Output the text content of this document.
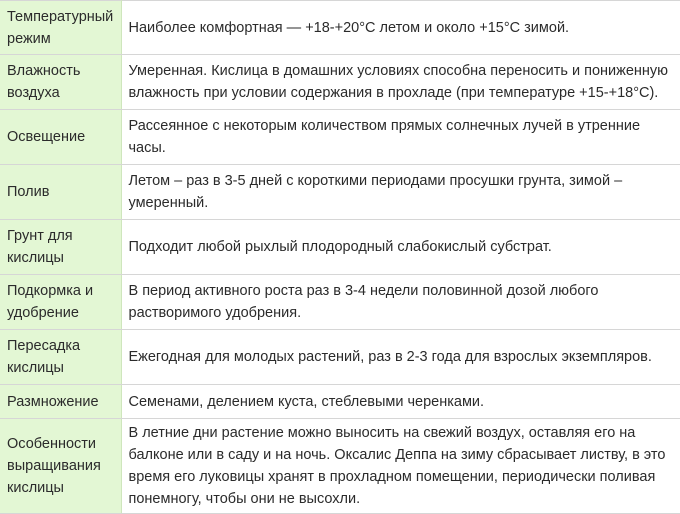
Температурный режим	Наиболее комфортная — +18-+20°С летом и около +15°С зимой.
Влажность воздуха	Умеренная. Кислица в домашних условиях способна переносить и пониженную влажность при условии содержания в прохладе (при температуре +15-+18°С).
Освещение	Рассеянное с некоторым количеством прямых солнечных лучей в утренние часы.
Полив	Летом – раз в 3-5 дней с короткими периодами просушки грунта, зимой – умеренный.
Грунт для кислицы	Подходит любой рыхлый плодородный слабокислый субстрат.
Подкормка и удобрение	В период активного роста раз в 3-4 недели половинной дозой любого растворимого удобрения.
Пересадка кислицы	Ежегодная для молодых растений, раз в 2-3 года для взрослых экземпляров.
Размножение	Семенами, делением куста, стеблевыми черенками.
Особенности выращивания кислицы	В летние дни растение можно выносить на свежий воздух, оставляя его на балконе или в саду и на ночь. Оксалис Деппа на зиму сбрасывает листву, в это время его луковицы хранят в прохладном помещении, периодически поливая понемногу, чтобы они не высохли.
